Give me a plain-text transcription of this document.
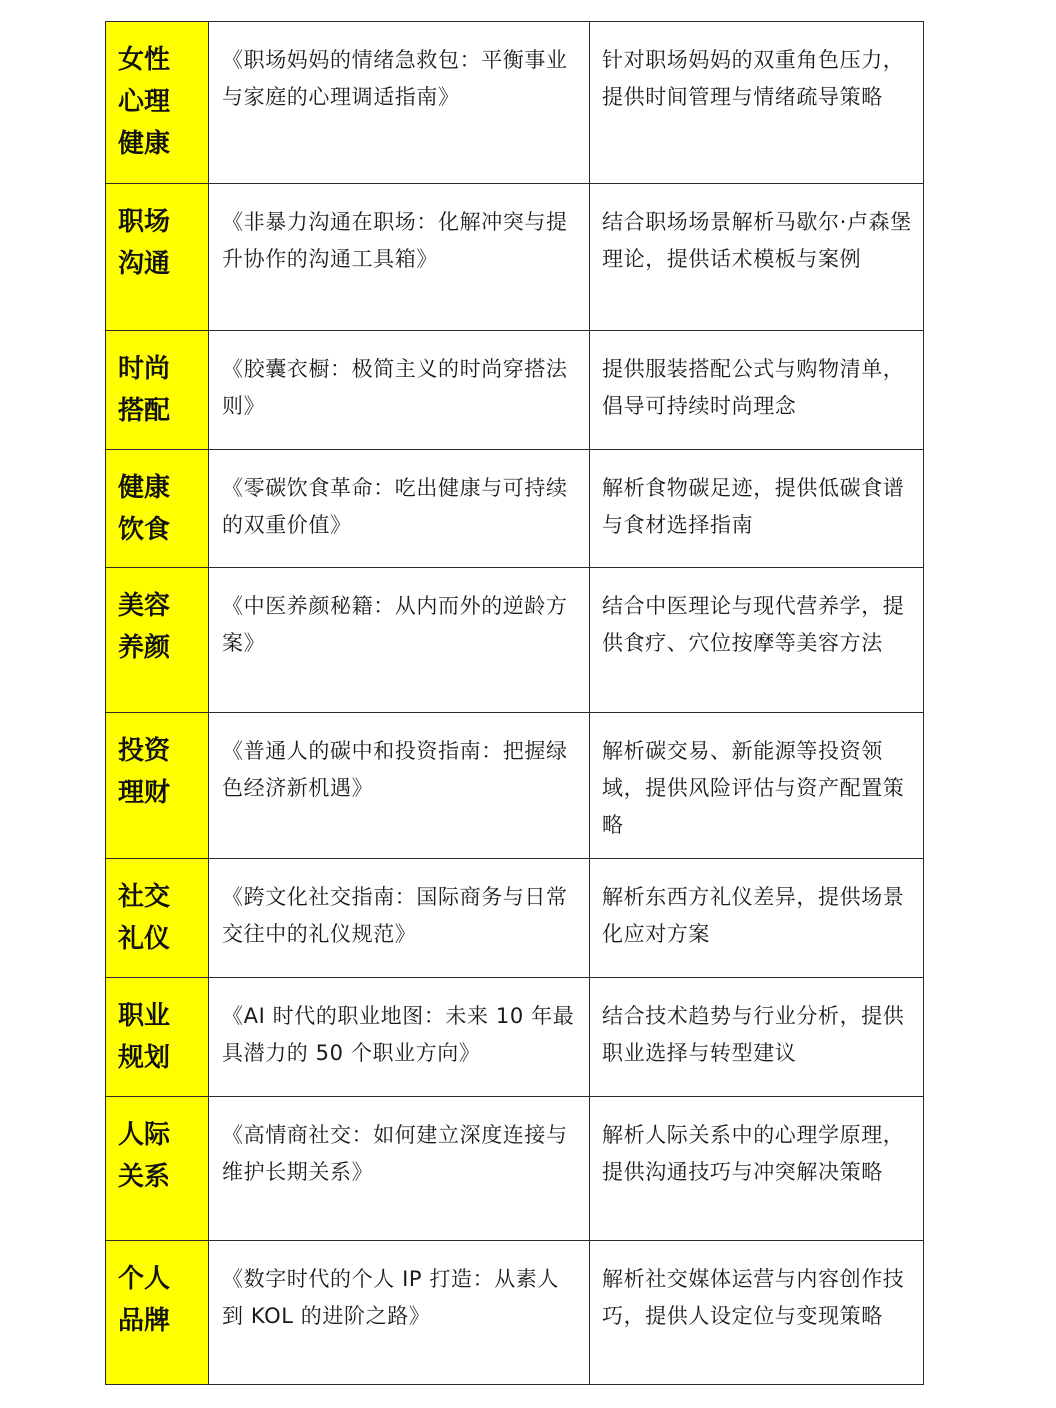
女性
心理
健康	《职场妈妈的情绪急救包：平衡事业与家庭的心理调适指南》	针对职场妈妈的双重角色压力，提供时间管理与情绪疏导策略

职场
沟通	《非暴力沟通在职场：化解冲突与提升协作的沟通工具箱》	结合职场场景解析马歇尔·卢森堡理论，提供话术模板与案例

时尚
搭配	《胶囊衣橱：极简主义的时尚穿搭法则》	提供服装搭配公式与购物清单，倡导可持续时尚理念

健康
饮食	《零碳饮食革命：吃出健康与可持续的双重价值》	解析食物碳足迹，提供低碳食谱与食材选择指南

美容
养颜	《中医养颜秘籍：从内而外的逆龄方案》	结合中医理论与现代营养学，提供食疗、穴位按摩等美容方法

投资
理财	《普通人的碳中和投资指南：把握绿色经济新机遇》	解析碳交易、新能源等投资领域，提供风险评估与资产配置策略

社交
礼仪	《跨文化社交指南：国际商务与日常交往中的礼仪规范》	解析东西方礼仪差异，提供场景化应对方案

职业
规划	《AI 时代的职业地图：未来 10 年最具潜力的 50 个职业方向》	结合技术趋势与行业分析，提供职业选择与转型建议

人际
关系	《高情商社交：如何建立深度连接与维护长期关系》	解析人际关系中的心理学原理，提供沟通技巧与冲突解决策略

个人
品牌	《数字时代的个人 IP 打造：从素人到 KOL 的进阶之路》	解析社交媒体运营与内容创作技巧，提供人设定位与变现策略
